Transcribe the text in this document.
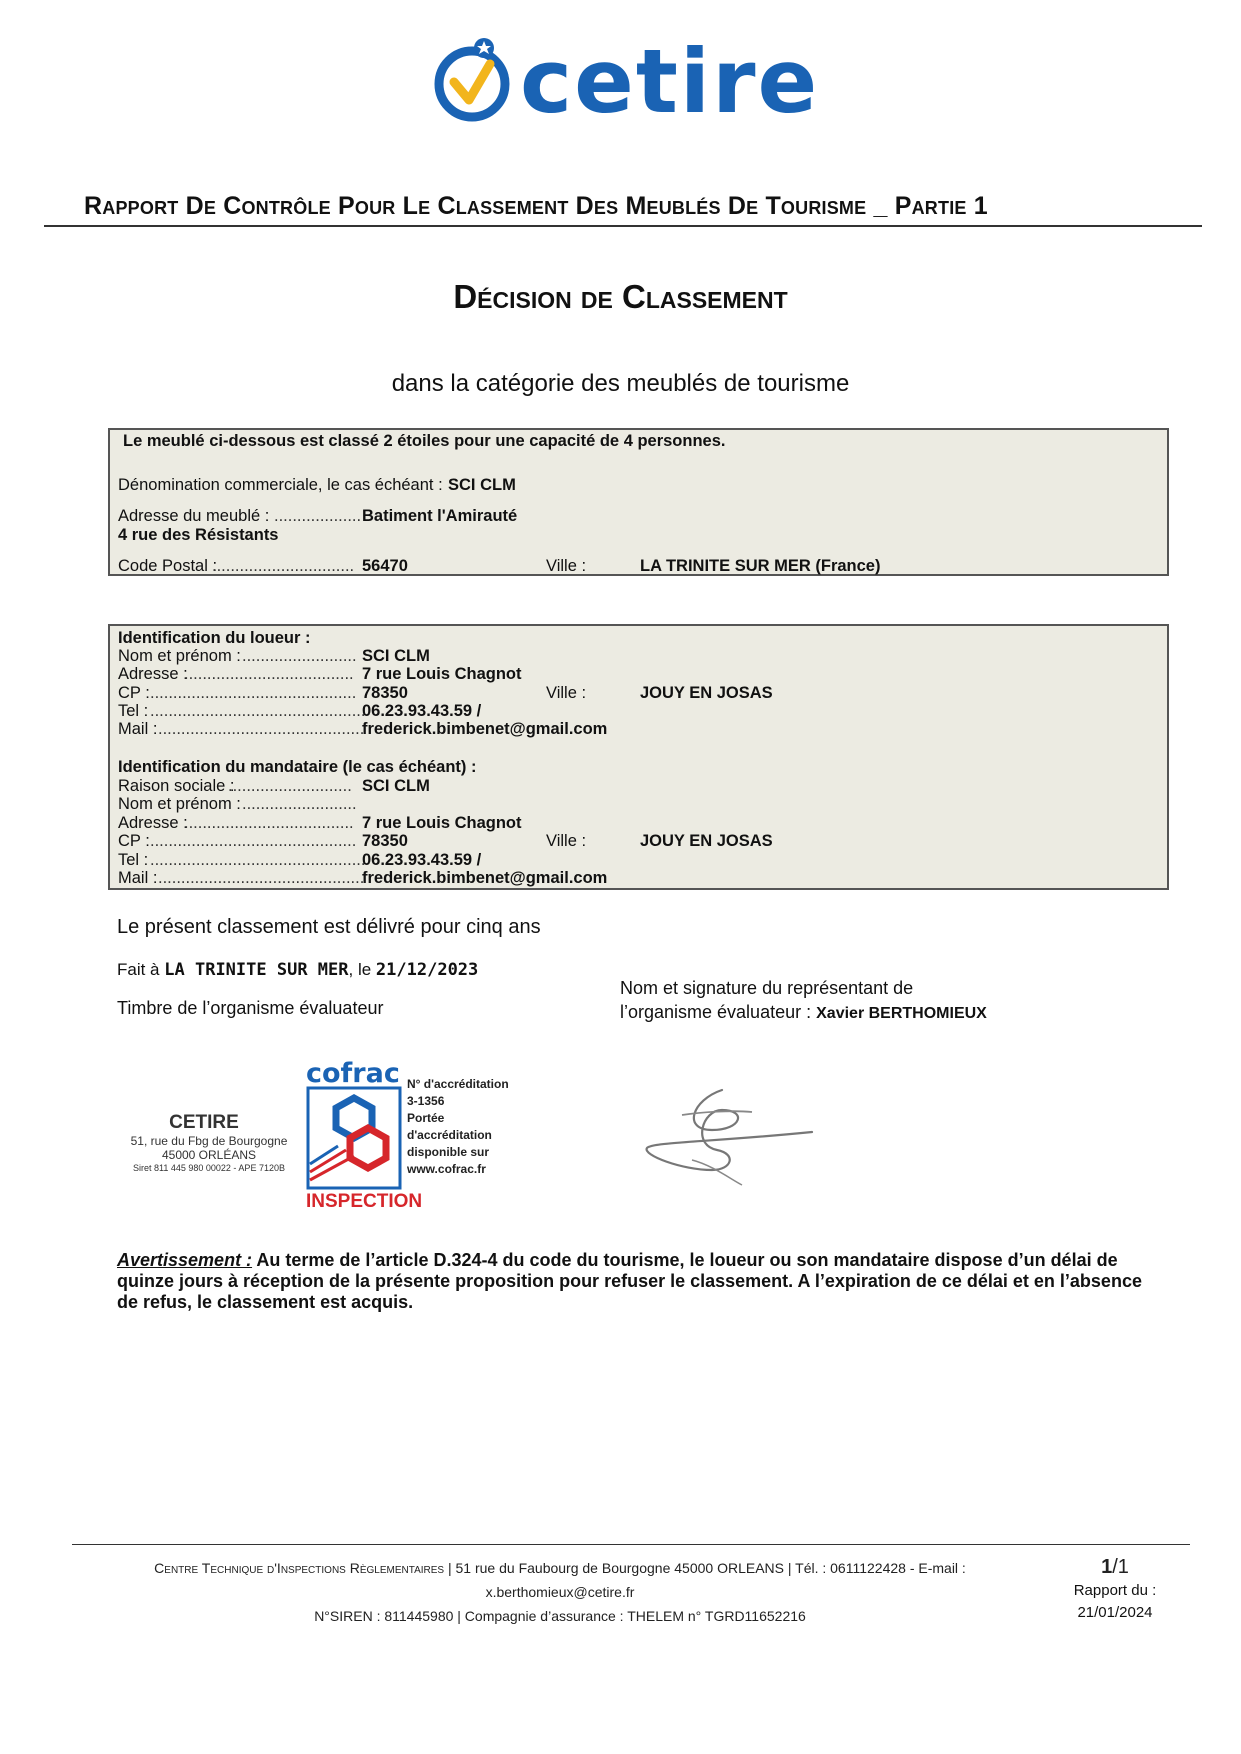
cetire
Rapport De Contrôle Pour Le Classement Des Meublés De Tourisme _ Partie 1
Décision de Classement
dans la catégorie des meublés de tourisme
Le meublé ci-dessous est classé 2 étoiles pour une capacité de 4 personnes.
Dénomination commerciale, le cas échéant : SCI CLM
Adresse du meublé : ................... Batiment l'Amirauté
4 rue des Résistants
Code Postal :
............................... 56470	Ville :	LA TRINITE SUR MER (France)
Identification du loueur :
Nom et prénom : ......................... SCI CLM
Adresse :
..................................... 7 rue Louis Chagnot
CP : ............................................. 78350	Ville :	JOUY EN JOSAS
Tel : ...............................................
06.23.93.43.59 /
Mail : .............................................
frederick.bimbenet@gmail.com
Identification du mandataire (le cas échéant) :
Raison sociale :
........................... SCI CLM
Nom et prénom : .........................
Adresse :
..................................... 7 rue Louis Chagnot
CP : ............................................. 78350	Ville :	JOUY EN JOSAS
Tel : ...............................................
06.23.93.43.59 /
Mail : .............................................
frederick.bimbenet@gmail.com
Le présent classement est délivré pour cinq ans
Fait à LA TRINITE SUR MER, le 21/12/2023
Timbre de l’organisme évaluateur
Nom et signature du représentant de
l’organisme évaluateur : Xavier BERTHOMIEUX
CETIRE
51, rue du Fbg de Bourgogne
45000 ORLÉANS
Siret 811 445 980 00022 - APE 7120B
cofrac
INSPECTION
N° d'accréditation
3-1356
Portée
d'accréditation
disponible sur
www.cofrac.fr
Avertissement : Au terme de l’article D.324-4 du code du tourisme, le loueur ou son mandataire dispose d’un délai de quinze jours à réception de la présente proposition pour refuser le classement. A l’expiration de ce délai et en l’absence de refus, le classement est acquis.
Centre Technique d'Inspections Règlementaires | 51 rue du Faubourg de Bourgogne 45000 ORLEANS | Tél. : 0611122428 - E-mail :
x.berthomieux@cetire.fr
N°SIREN : 811445980 | Compagnie d’assurance : THELEM n° TGRD11652216
1/1
Rapport du :
21/01/2024
